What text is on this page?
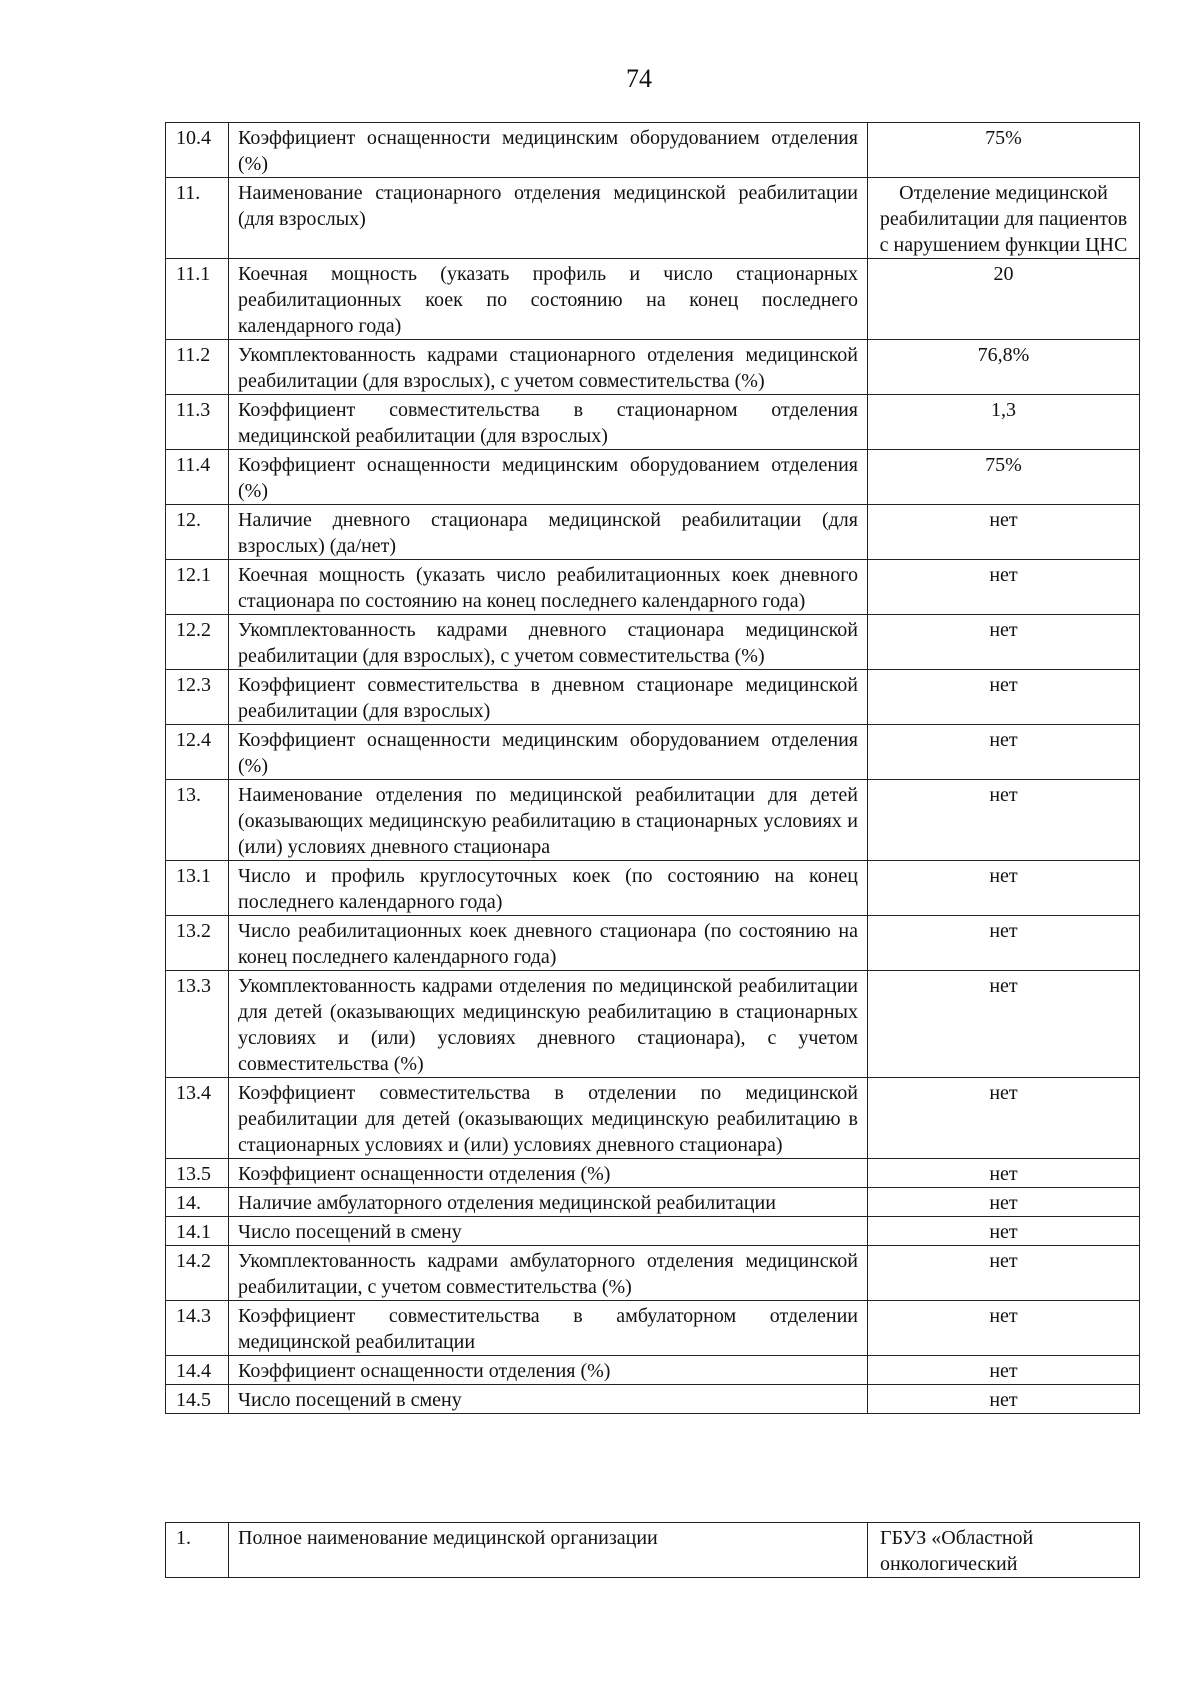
74
10.4	Коэффициент оснащенности медицинским оборудованием отделения (%)	75%
11.	Наименование стационарного отделения медицинской реабилитации (для взрослых)	Отделение медицинской реабилитации для пациентов с нарушением функции ЦНС
11.1	Коечная мощность (указать профиль и число стационарных реабилитационных коек по состоянию на конец последнего календарного года)	20
11.2	Укомплектованность кадрами стационарного отделения медицинской реабилитации (для взрослых), с учетом совместительства (%)	76,8%
11.3	Коэффициент совместительства в стационарном отделения медицинской реабилитации (для взрослых)	1,3
11.4	Коэффициент оснащенности медицинским оборудованием отделения (%)	75%
12.	Наличие дневного стационара медицинской реабилитации (для взрослых) (да/нет)	нет
12.1	Коечная мощность (указать число реабилитационных коек дневного стационара по состоянию на конец последнего календарного года)	нет
12.2	Укомплектованность кадрами дневного стационара медицинской реабилитации (для взрослых), с учетом совместительства (%)	нет
12.3	Коэффициент совместительства в дневном стационаре медицинской реабилитации (для взрослых)	нет
12.4	Коэффициент оснащенности медицинским оборудованием отделения (%)	нет
13.	Наименование отделения по медицинской реабилитации для детей (оказывающих медицинскую реабилитацию в стационарных условиях и (или) условиях дневного стационара	нет
13.1	Число и профиль круглосуточных коек (по состоянию на конец последнего календарного года)	нет
13.2	Число реабилитационных коек дневного стационара (по состоянию на конец последнего календарного года)	нет
13.3	Укомплектованность кадрами отделения по медицинской реабилитации для детей (оказывающих медицинскую реабилитацию в стационарных условиях и (или) условиях дневного стационара), с учетом совместительства (%)	нет
13.4	Коэффициент совместительства в отделении по медицинской реабилитации для детей (оказывающих медицинскую реабилитацию в стационарных условиях и (или) условиях дневного стационара)	нет
13.5	Коэффициент оснащенности отделения (%)	нет
14.	Наличие амбулаторного отделения медицинской реабилитации	нет
14.1	Число посещений в смену	нет
14.2	Укомплектованность кадрами амбулаторного отделения медицинской реабилитации, с учетом совместительства (%)	нет
14.3	Коэффициент совместительства в амбулаторном отделении медицинской реабилитации	нет
14.4	Коэффициент оснащенности отделения (%)	нет
14.5	Число посещений в смену	нет
1.	Полное наименование медицинской организации	ГБУЗ «Областной онкологический
